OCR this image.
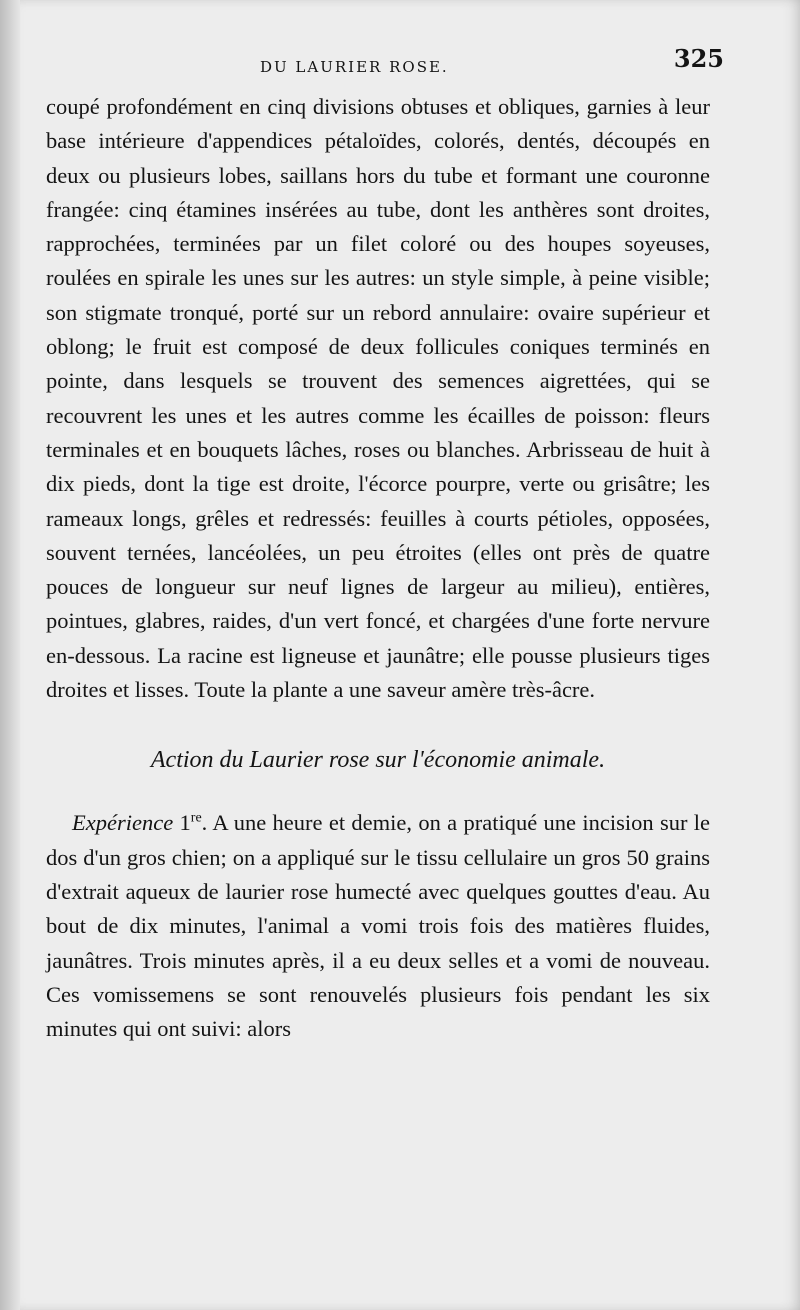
DU LAURIER ROSE.	325

coupé profondément en cinq divisions obtuses et obliques, garnies à leur base intérieure d'appendices pétaloïdes, colorés, dentés, découpés en deux ou plusieurs lobes, saillans hors du tube et formant une couronne frangée: cinq étamines insérées au tube, dont les anthères sont droites, rapprochées, terminées par un filet coloré ou des houpes soyeuses, roulées en spirale les unes sur les autres: un style simple, à peine visible; son stigmate tronqué, porté sur un rebord annulaire: ovaire supérieur et oblong; le fruit est composé de deux follicules coniques terminés en pointe, dans lesquels se trouvent des semences aigrettées, qui se recouvrent les unes et les autres comme les écailles de poisson: fleurs terminales et en bouquets lâches, roses ou blanches. Arbrisseau de huit à dix pieds, dont la tige est droite, l'écorce pourpre, verte ou grisâtre; les rameaux longs, grêles et redressés: feuilles à courts pétioles, opposées, souvent ternées, lancéolées, un peu étroites (elles ont près de quatre pouces de longueur sur neuf lignes de largeur au milieu), entières, pointues, glabres, raides, d'un vert foncé, et chargées d'une forte nervure en-dessous. La racine est ligneuse et jaunâtre; elle pousse plusieurs tiges droites et lisses. Toute la plante a une saveur amère très-âcre.

Action du Laurier rose sur l'économie animale.

Expérience 1re. A une heure et demie, on a pratiqué une incision sur le dos d'un gros chien; on a appliqué sur le tissu cellulaire un gros 50 grains d'extrait aqueux de laurier rose humecté avec quelques gouttes d'eau. Au bout de dix minutes, l'animal a vomi trois fois des matières fluides, jaunâtres. Trois minutes après, il a eu deux selles et a vomi de nouveau. Ces vomissemens se sont renouvelés plusieurs fois pendant les six minutes qui ont suivi: alors
